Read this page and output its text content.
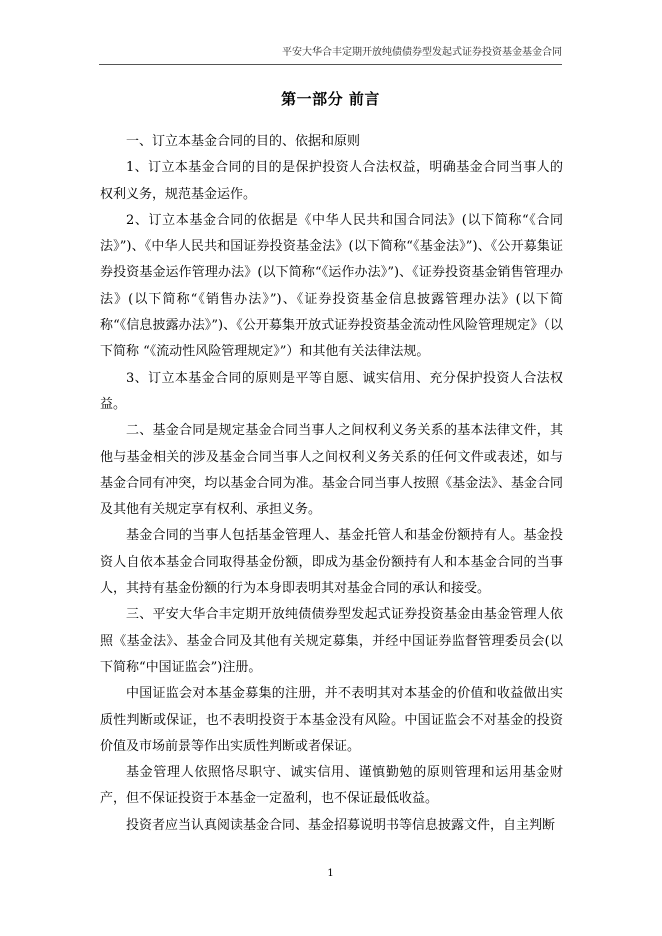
平安大华合丰定期开放纯债债券型发起式证券投资基金基金合同
第一部分 前言

一、订立本基金合同的目的、依据和原则

1、订立本基金合同的目的是保护投资人合法权益，明确基金合同当事人的权利义务，规范基金运作。

2、订立本基金合同的依据是《中华人民共和国合同法》(以下简称“《合同法》”)、《中华人民共和国证券投资基金法》(以下简称“《基金法》”)、《公开募集证券投资基金运作管理办法》(以下简称“《运作办法》”)、《证券投资基金销售管理办法》(以下简称“《销售办法》”)、《证券投资基金信息披露管理办法》(以下简称“《信息披露办法》”)、《公开募集开放式证券投资基金流动性风险管理规定》（以下简称 “《流动性风险管理规定》”）和其他有关法律法规。

3、订立本基金合同的原则是平等自愿、诚实信用、充分保护投资人合法权益。

二、基金合同是规定基金合同当事人之间权利义务关系的基本法律文件，其他与基金相关的涉及基金合同当事人之间权利义务关系的任何文件或表述，如与基金合同有冲突，均以基金合同为准。基金合同当事人按照《基金法》、基金合同及其他有关规定享有权利、承担义务。

基金合同的当事人包括基金管理人、基金托管人和基金份额持有人。基金投资人自依本基金合同取得基金份额，即成为基金份额持有人和本基金合同的当事人，其持有基金份额的行为本身即表明其对基金合同的承认和接受。

三、平安大华合丰定期开放纯债债券型发起式证券投资基金由基金管理人依照《基金法》、基金合同及其他有关规定募集，并经中国证券监督管理委员会(以下简称“中国证监会”)注册。

中国证监会对本基金募集的注册，并不表明其对本基金的价值和收益做出实质性判断或保证，也不表明投资于本基金没有风险。中国证监会不对基金的投资价值及市场前景等作出实质性判断或者保证。

基金管理人依照恪尽职守、诚实信用、谨慎勤勉的原则管理和运用基金财产，但不保证投资于本基金一定盈利，也不保证最低收益。

投资者应当认真阅读基金合同、基金招募说明书等信息披露文件，自主判断

1
